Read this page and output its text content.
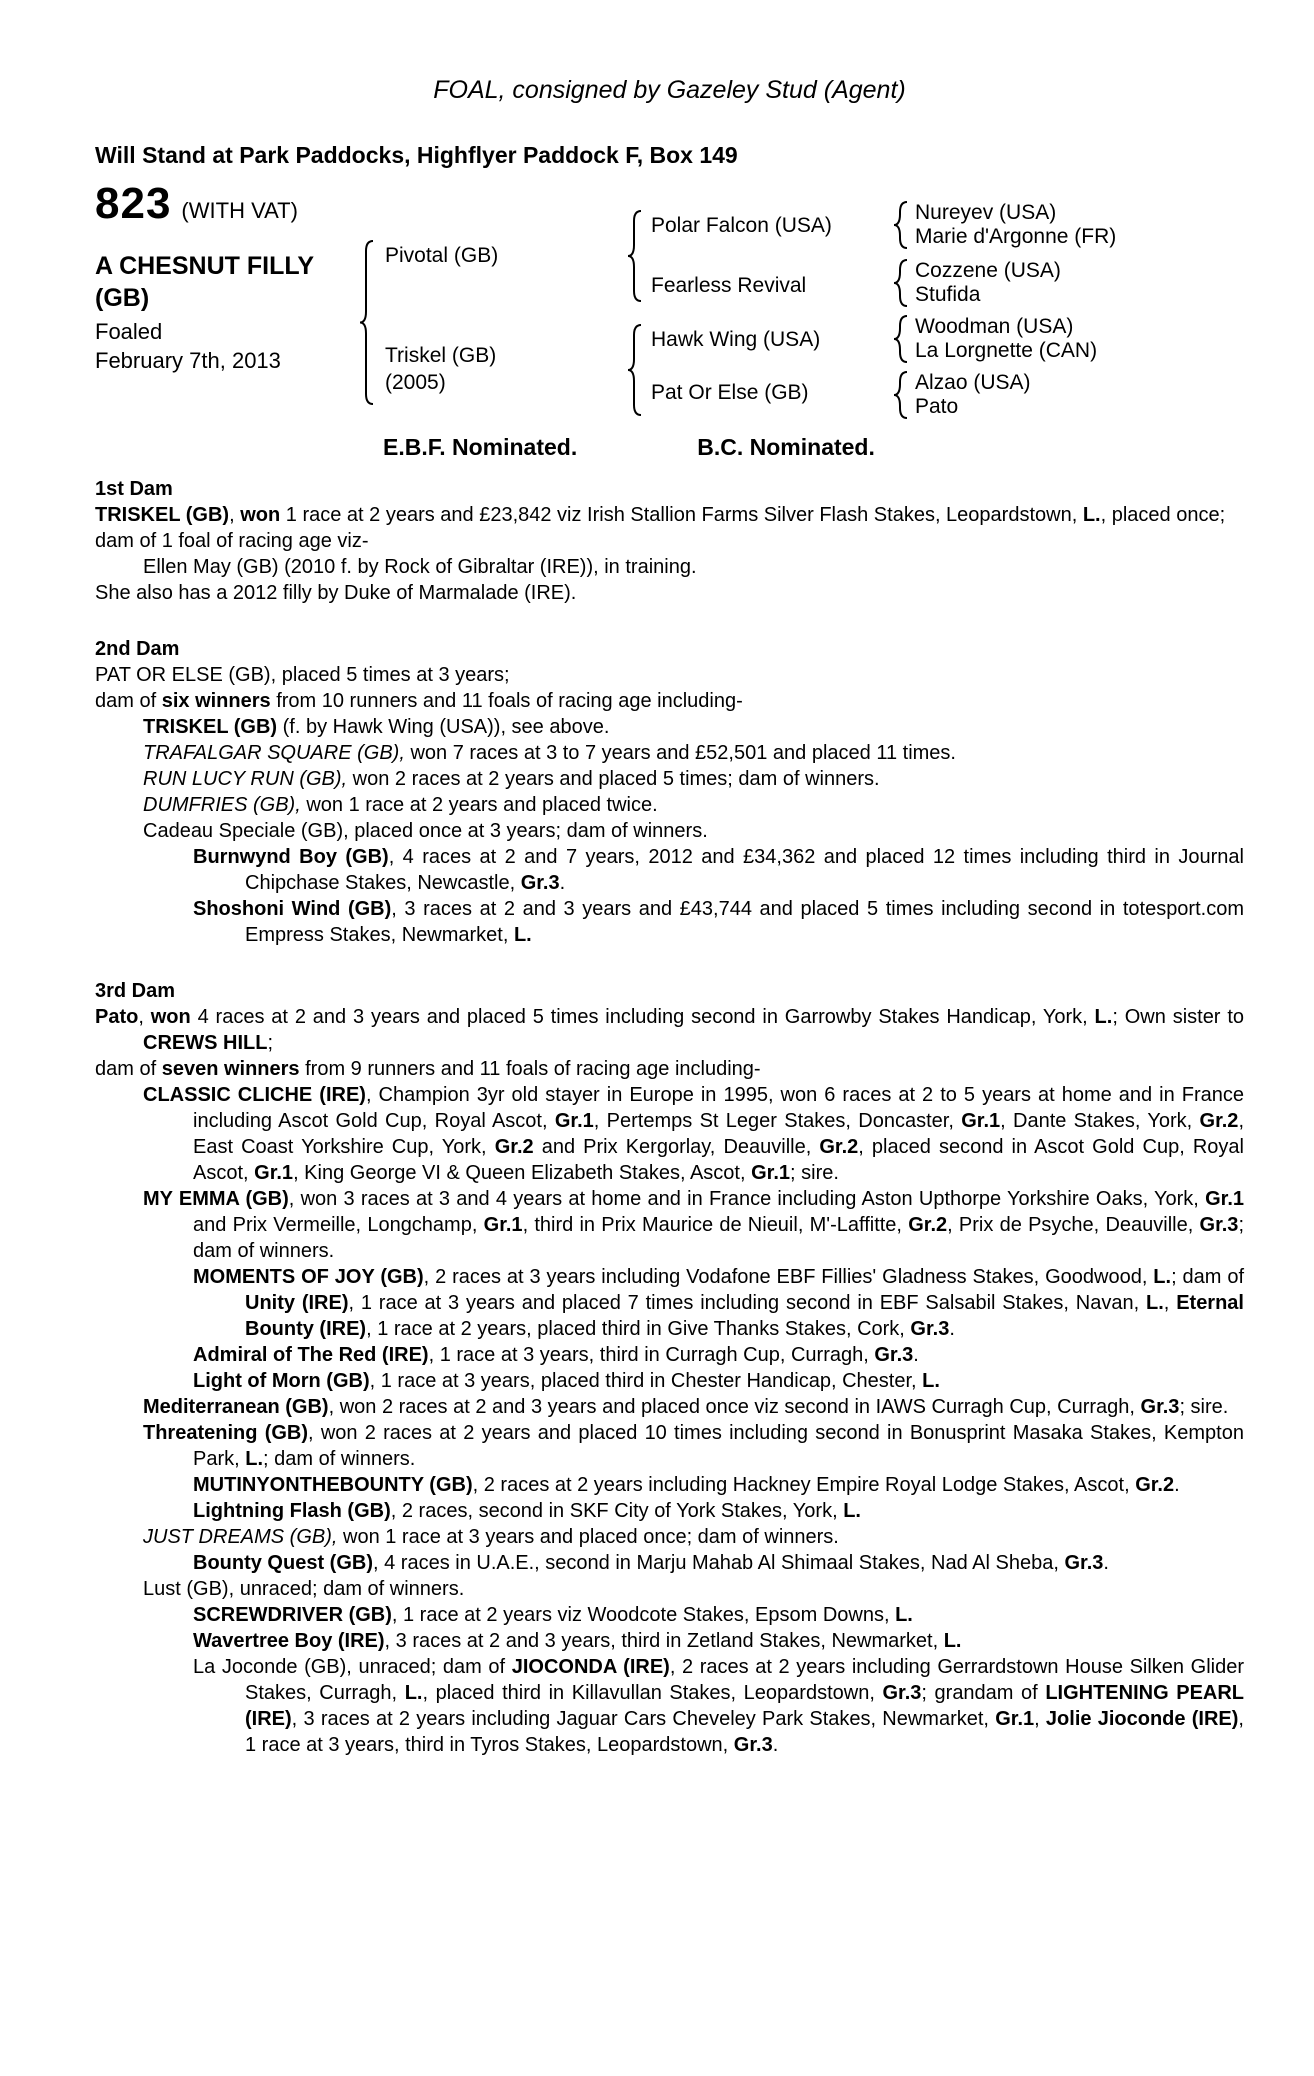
FOAL, consigned by Gazeley Stud (Agent)
Will Stand at Park Paddocks, Highflyer Paddock F, Box 149
823 (WITH VAT)
A CHESNUT FILLY
(GB)
Foaled
February 7th, 2013
Pivotal (GB)
Triskel (GB)
(2005)
Polar Falcon (USA)
Fearless Revival
Hawk Wing (USA)
Pat Or Else (GB)
Nureyev (USA)
Marie d'Argonne (FR)
Cozzene (USA)
Stufida
Woodman (USA)
La Lorgnette (CAN)
Alzao (USA)
Pato
E.B.F. Nominated.	B.C. Nominated.
1st Dam

TRISKEL (GB), won 1 race at 2 years and £23,842 viz Irish Stallion Farms Silver Flash Stakes, Leopardstown, L., placed once;

dam of 1 foal of racing age viz-

Ellen May (GB) (2010 f. by Rock of Gibraltar (IRE)), in training.

She also has a 2012 filly by Duke of Marmalade (IRE).

2nd Dam

PAT OR ELSE (GB), placed 5 times at 3 years;

dam of six winners from 10 runners and 11 foals of racing age including-

TRISKEL (GB) (f. by Hawk Wing (USA)), see above.

TRAFALGAR SQUARE (GB), won 7 races at 3 to 7 years and £52,501 and placed 11 times.

RUN LUCY RUN (GB), won 2 races at 2 years and placed 5 times; dam of winners.

DUMFRIES (GB), won 1 race at 2 years and placed twice.

Cadeau Speciale (GB), placed once at 3 years; dam of winners.

Burnwynd Boy (GB), 4 races at 2 and 7 years, 2012 and £34,362 and placed 12 times including third in Journal Chipchase Stakes, Newcastle, Gr.3.

Shoshoni Wind (GB), 3 races at 2 and 3 years and £43,744 and placed 5 times including second in totesport.com Empress Stakes, Newmarket, L.

3rd Dam

Pato, won 4 races at 2 and 3 years and placed 5 times including second in Garrowby Stakes Handicap, York, L.; Own sister to CREWS HILL;

dam of seven winners from 9 runners and 11 foals of racing age including-

CLASSIC CLICHE (IRE), Champion 3yr old stayer in Europe in 1995, won 6 races at 2 to 5 years at home and in France including Ascot Gold Cup, Royal Ascot, Gr.1, Pertemps St Leger Stakes, Doncaster, Gr.1, Dante Stakes, York, Gr.2, East Coast Yorkshire Cup, York, Gr.2 and Prix Kergorlay, Deauville, Gr.2, placed second in Ascot Gold Cup, Royal Ascot, Gr.1, King George VI & Queen Elizabeth Stakes, Ascot, Gr.1; sire.

MY EMMA (GB), won 3 races at 3 and 4 years at home and in France including Aston Upthorpe Yorkshire Oaks, York, Gr.1 and Prix Vermeille, Longchamp, Gr.1, third in Prix Maurice de Nieuil, M'-Laffitte, Gr.2, Prix de Psyche, Deauville, Gr.3; dam of winners.

MOMENTS OF JOY (GB), 2 races at 3 years including Vodafone EBF Fillies' Gladness Stakes, Goodwood, L.; dam of Unity (IRE), 1 race at 3 years and placed 7 times including second in EBF Salsabil Stakes, Navan, L., Eternal Bounty (IRE), 1 race at 2 years, placed third in Give Thanks Stakes, Cork, Gr.3.

Admiral of The Red (IRE), 1 race at 3 years, third in Curragh Cup, Curragh, Gr.3.

Light of Morn (GB), 1 race at 3 years, placed third in Chester Handicap, Chester, L.

Mediterranean (GB), won 2 races at 2 and 3 years and placed once viz second in IAWS Curragh Cup, Curragh, Gr.3; sire.

Threatening (GB), won 2 races at 2 years and placed 10 times including second in Bonusprint Masaka Stakes, Kempton Park, L.; dam of winners.

MUTINYONTHEBOUNTY (GB), 2 races at 2 years including Hackney Empire Royal Lodge Stakes, Ascot, Gr.2.

Lightning Flash (GB), 2 races, second in SKF City of York Stakes, York, L.

JUST DREAMS (GB), won 1 race at 3 years and placed once; dam of winners.

Bounty Quest (GB), 4 races in U.A.E., second in Marju Mahab Al Shimaal Stakes, Nad Al Sheba, Gr.3.

Lust (GB), unraced; dam of winners.

SCREWDRIVER (GB), 1 race at 2 years viz Woodcote Stakes, Epsom Downs, L.

Wavertree Boy (IRE), 3 races at 2 and 3 years, third in Zetland Stakes, Newmarket, L.

La Joconde (GB), unraced; dam of JIOCONDA (IRE), 2 races at 2 years including Gerrardstown House Silken Glider Stakes, Curragh, L., placed third in Killavullan Stakes, Leopardstown, Gr.3; grandam of LIGHTENING PEARL (IRE), 3 races at 2 years including Jaguar Cars Cheveley Park Stakes, Newmarket, Gr.1, Jolie Jioconde (IRE), 1 race at 3 years, third in Tyros Stakes, Leopardstown, Gr.3.
